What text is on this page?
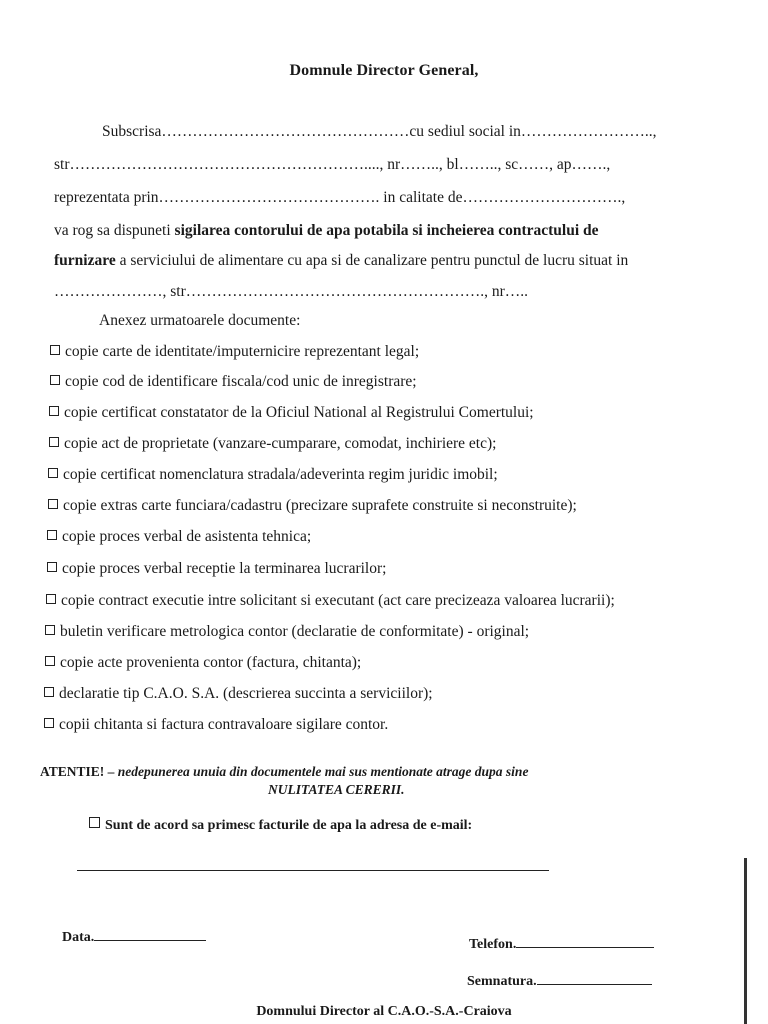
Domnule Director General,
Subscrisa…………………………………………cu sediul social in……………………..,
str…………………………………………………...., nr…….., bl…….., sc……, ap…….,
reprezentata prin……………………………………. in calitate de………………………….,
va rog sa dispuneti sigilarea contorului de apa potabila si incheierea contractului de
furnizare a serviciului de alimentare cu apa si de canalizare pentru punctul de lucru situat in
…………………, str…………………………………………………., nr…..
Anexez urmatoarele documente:
copie carte de identitate/imputernicire reprezentant legal;
copie cod de identificare fiscala/cod unic de inregistrare;
copie certificat constatator de la Oficiul National al Registrului Comertului;
copie act de proprietate (vanzare-cumparare, comodat, inchiriere etc);
copie certificat nomenclatura stradala/adeverinta regim juridic imobil;
copie extras carte funciara/cadastru (precizare suprafete construite si neconstruite);
copie proces verbal de asistenta tehnica;
copie proces verbal receptie la terminarea lucrarilor;
copie contract executie intre solicitant si executant (act care precizeaza valoarea lucrarii);
buletin verificare metrologica contor (declaratie de conformitate) - original;
copie acte provenienta contor (factura, chitanta);
declaratie tip C.A.O. S.A. (descrierea succinta a serviciilor);
copii chitanta si factura contravaloare sigilare contor.
ATENTIE! – nedepunerea unuia din documentele mai sus mentionate atrage dupa sine
NULITATEA CERERII.
Sunt de acord sa primesc facturile de apa la adresa de e-mail:
Data.	Telefon.
Semnatura.
Domnului Director al C.A.O.-S.A.-Craiova
